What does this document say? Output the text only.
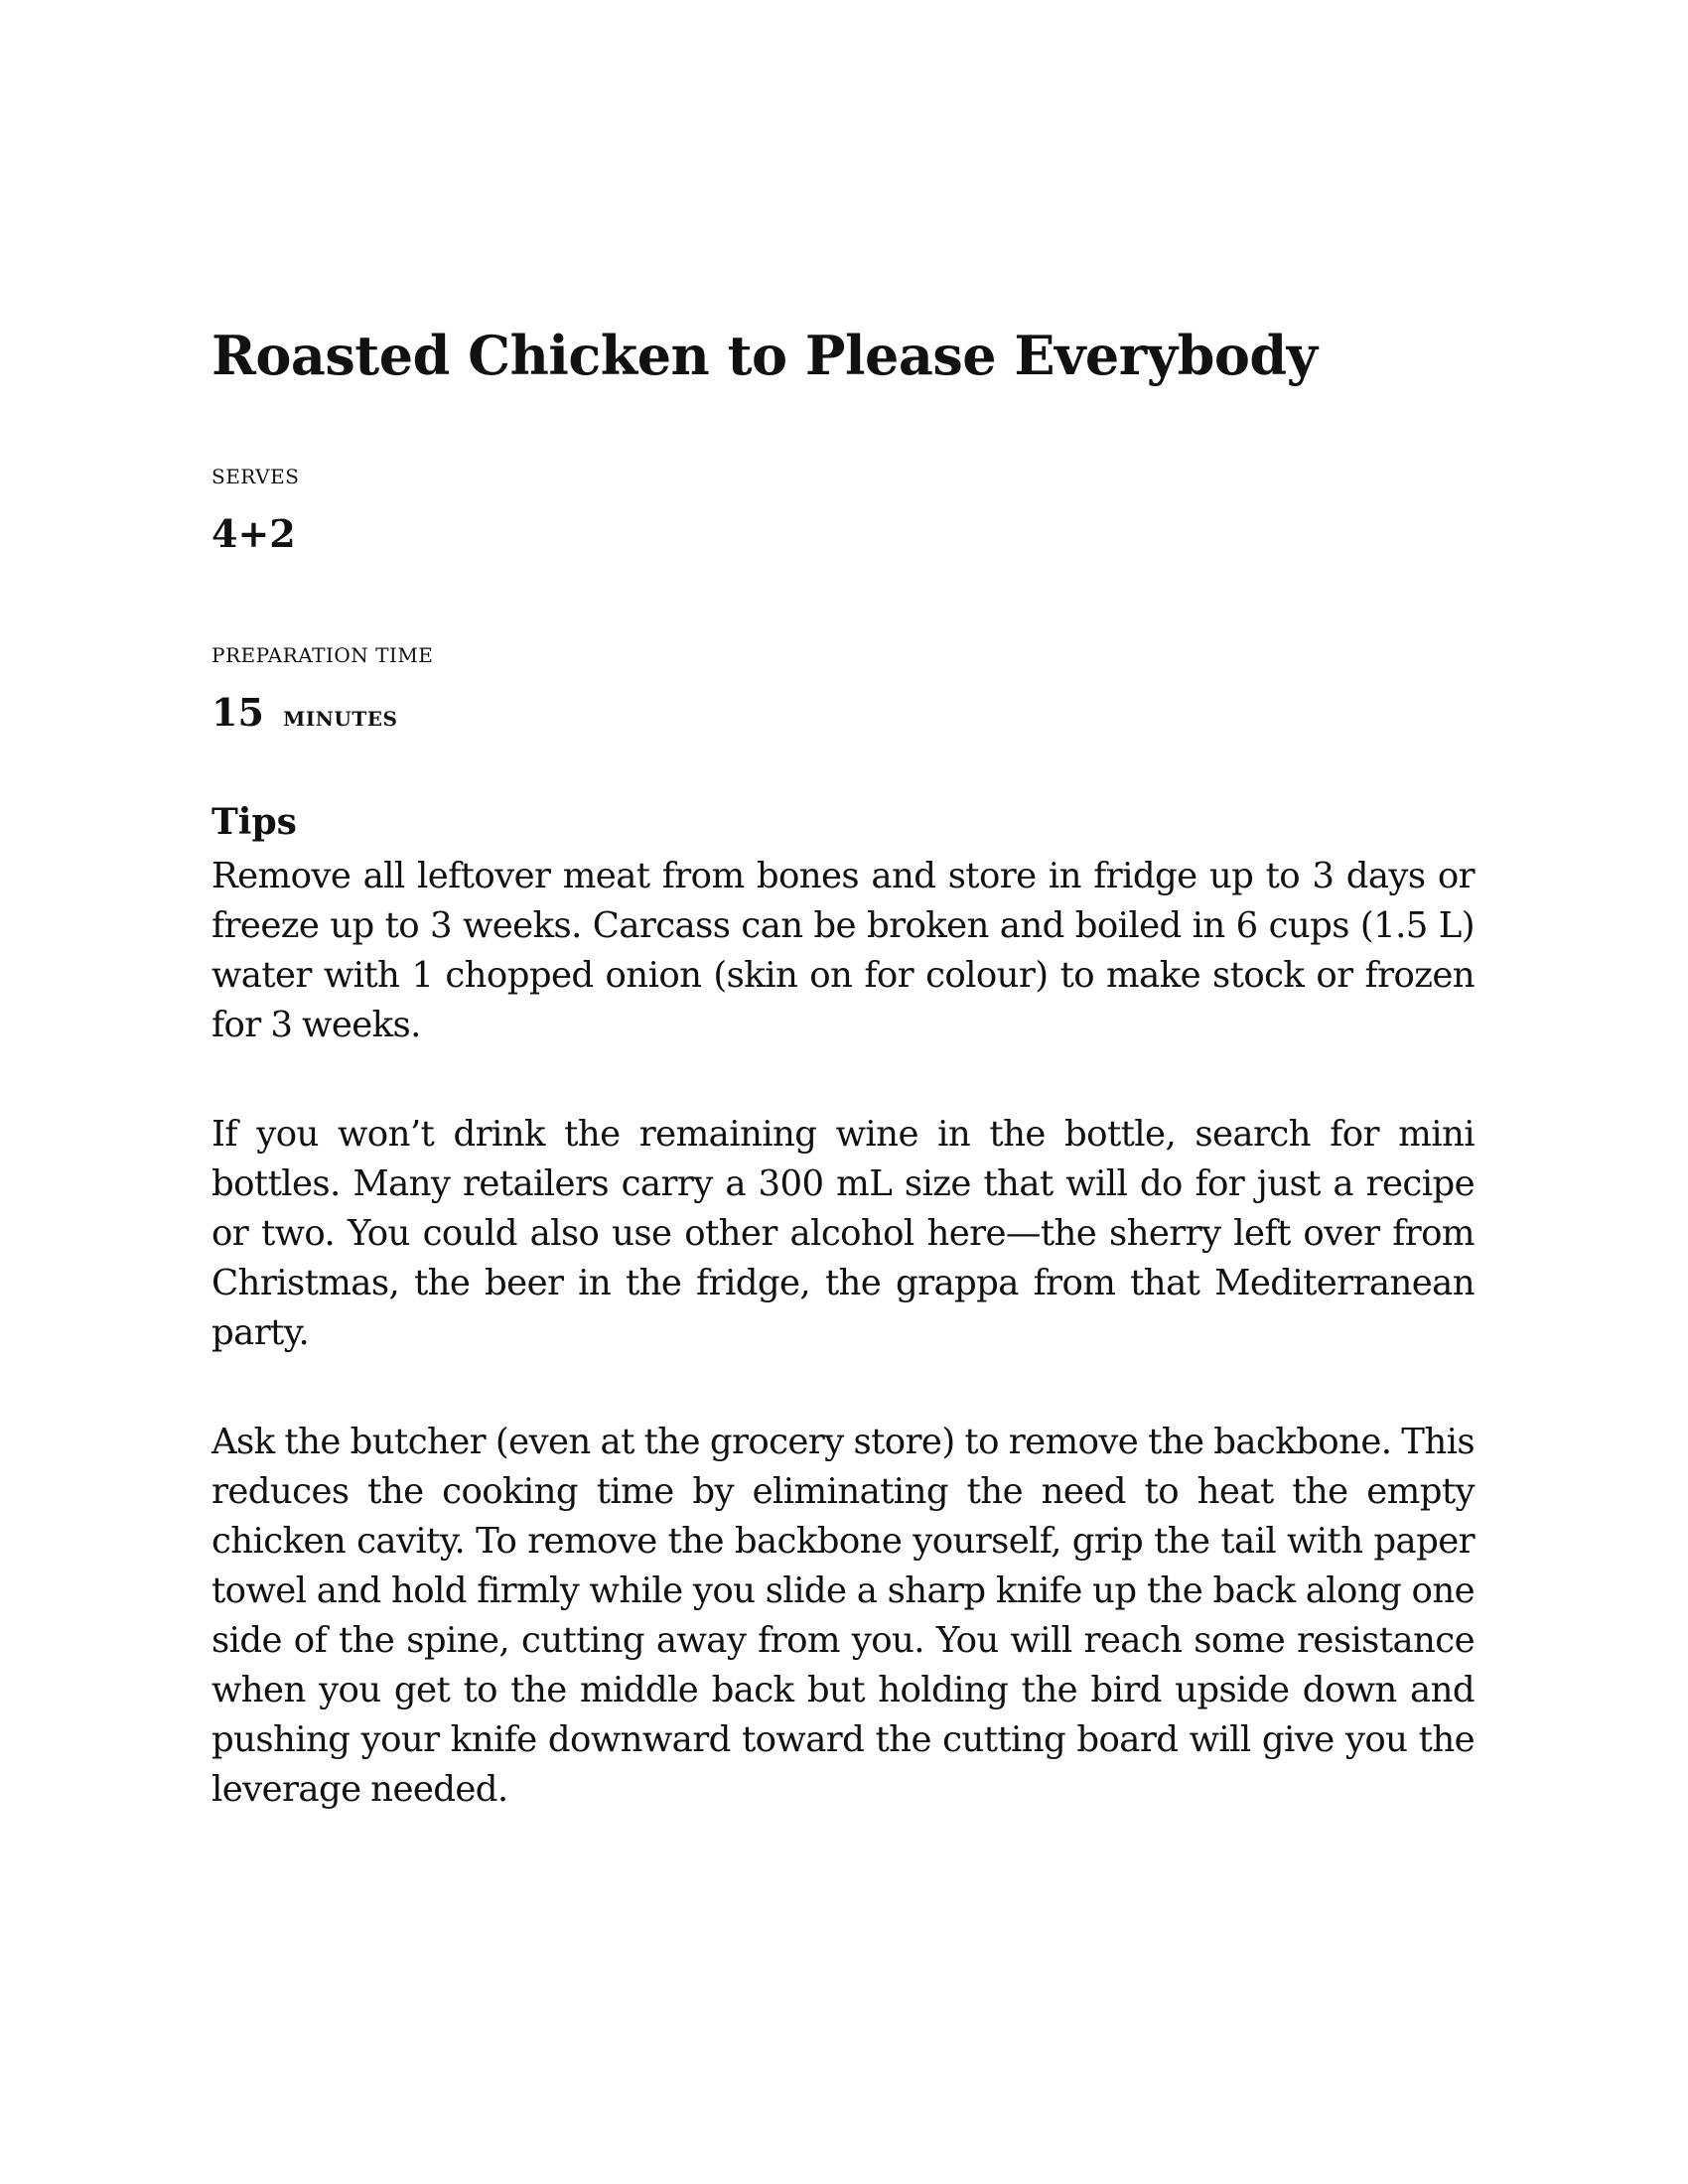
Roasted Chicken to Please Everybody
SERVES
4+2
PREPARATION TIME
15 MINUTES
Tips

Remove all leftover meat from bones and store in fridge up to 3 days or freeze up to 3 weeks. Carcass can be broken and boiled in 6 cups (1.5 L) water with 1 chopped onion (skin on for colour) to make stock or frozen for 3 weeks.

If you won’t drink the remaining wine in the bottle, search for mini bottles. Many retailers carry a 300 mL size that will do for just a recipe or two. You could also use other alcohol here—the sherry left over from Christmas, the beer in the fridge, the grappa from that Mediterranean party.

Ask the butcher (even at the grocery store) to remove the backbone. This reduces the cooking time by eliminating the need to heat the empty chicken cavity. To remove the backbone yourself, grip the tail with paper towel and hold firmly while you slide a sharp knife up the back along one side of the spine, cutting away from you. You will reach some resistance when you get to the middle back but holding the bird upside down and pushing your knife downward toward the cutting board will give you the leverage needed.
